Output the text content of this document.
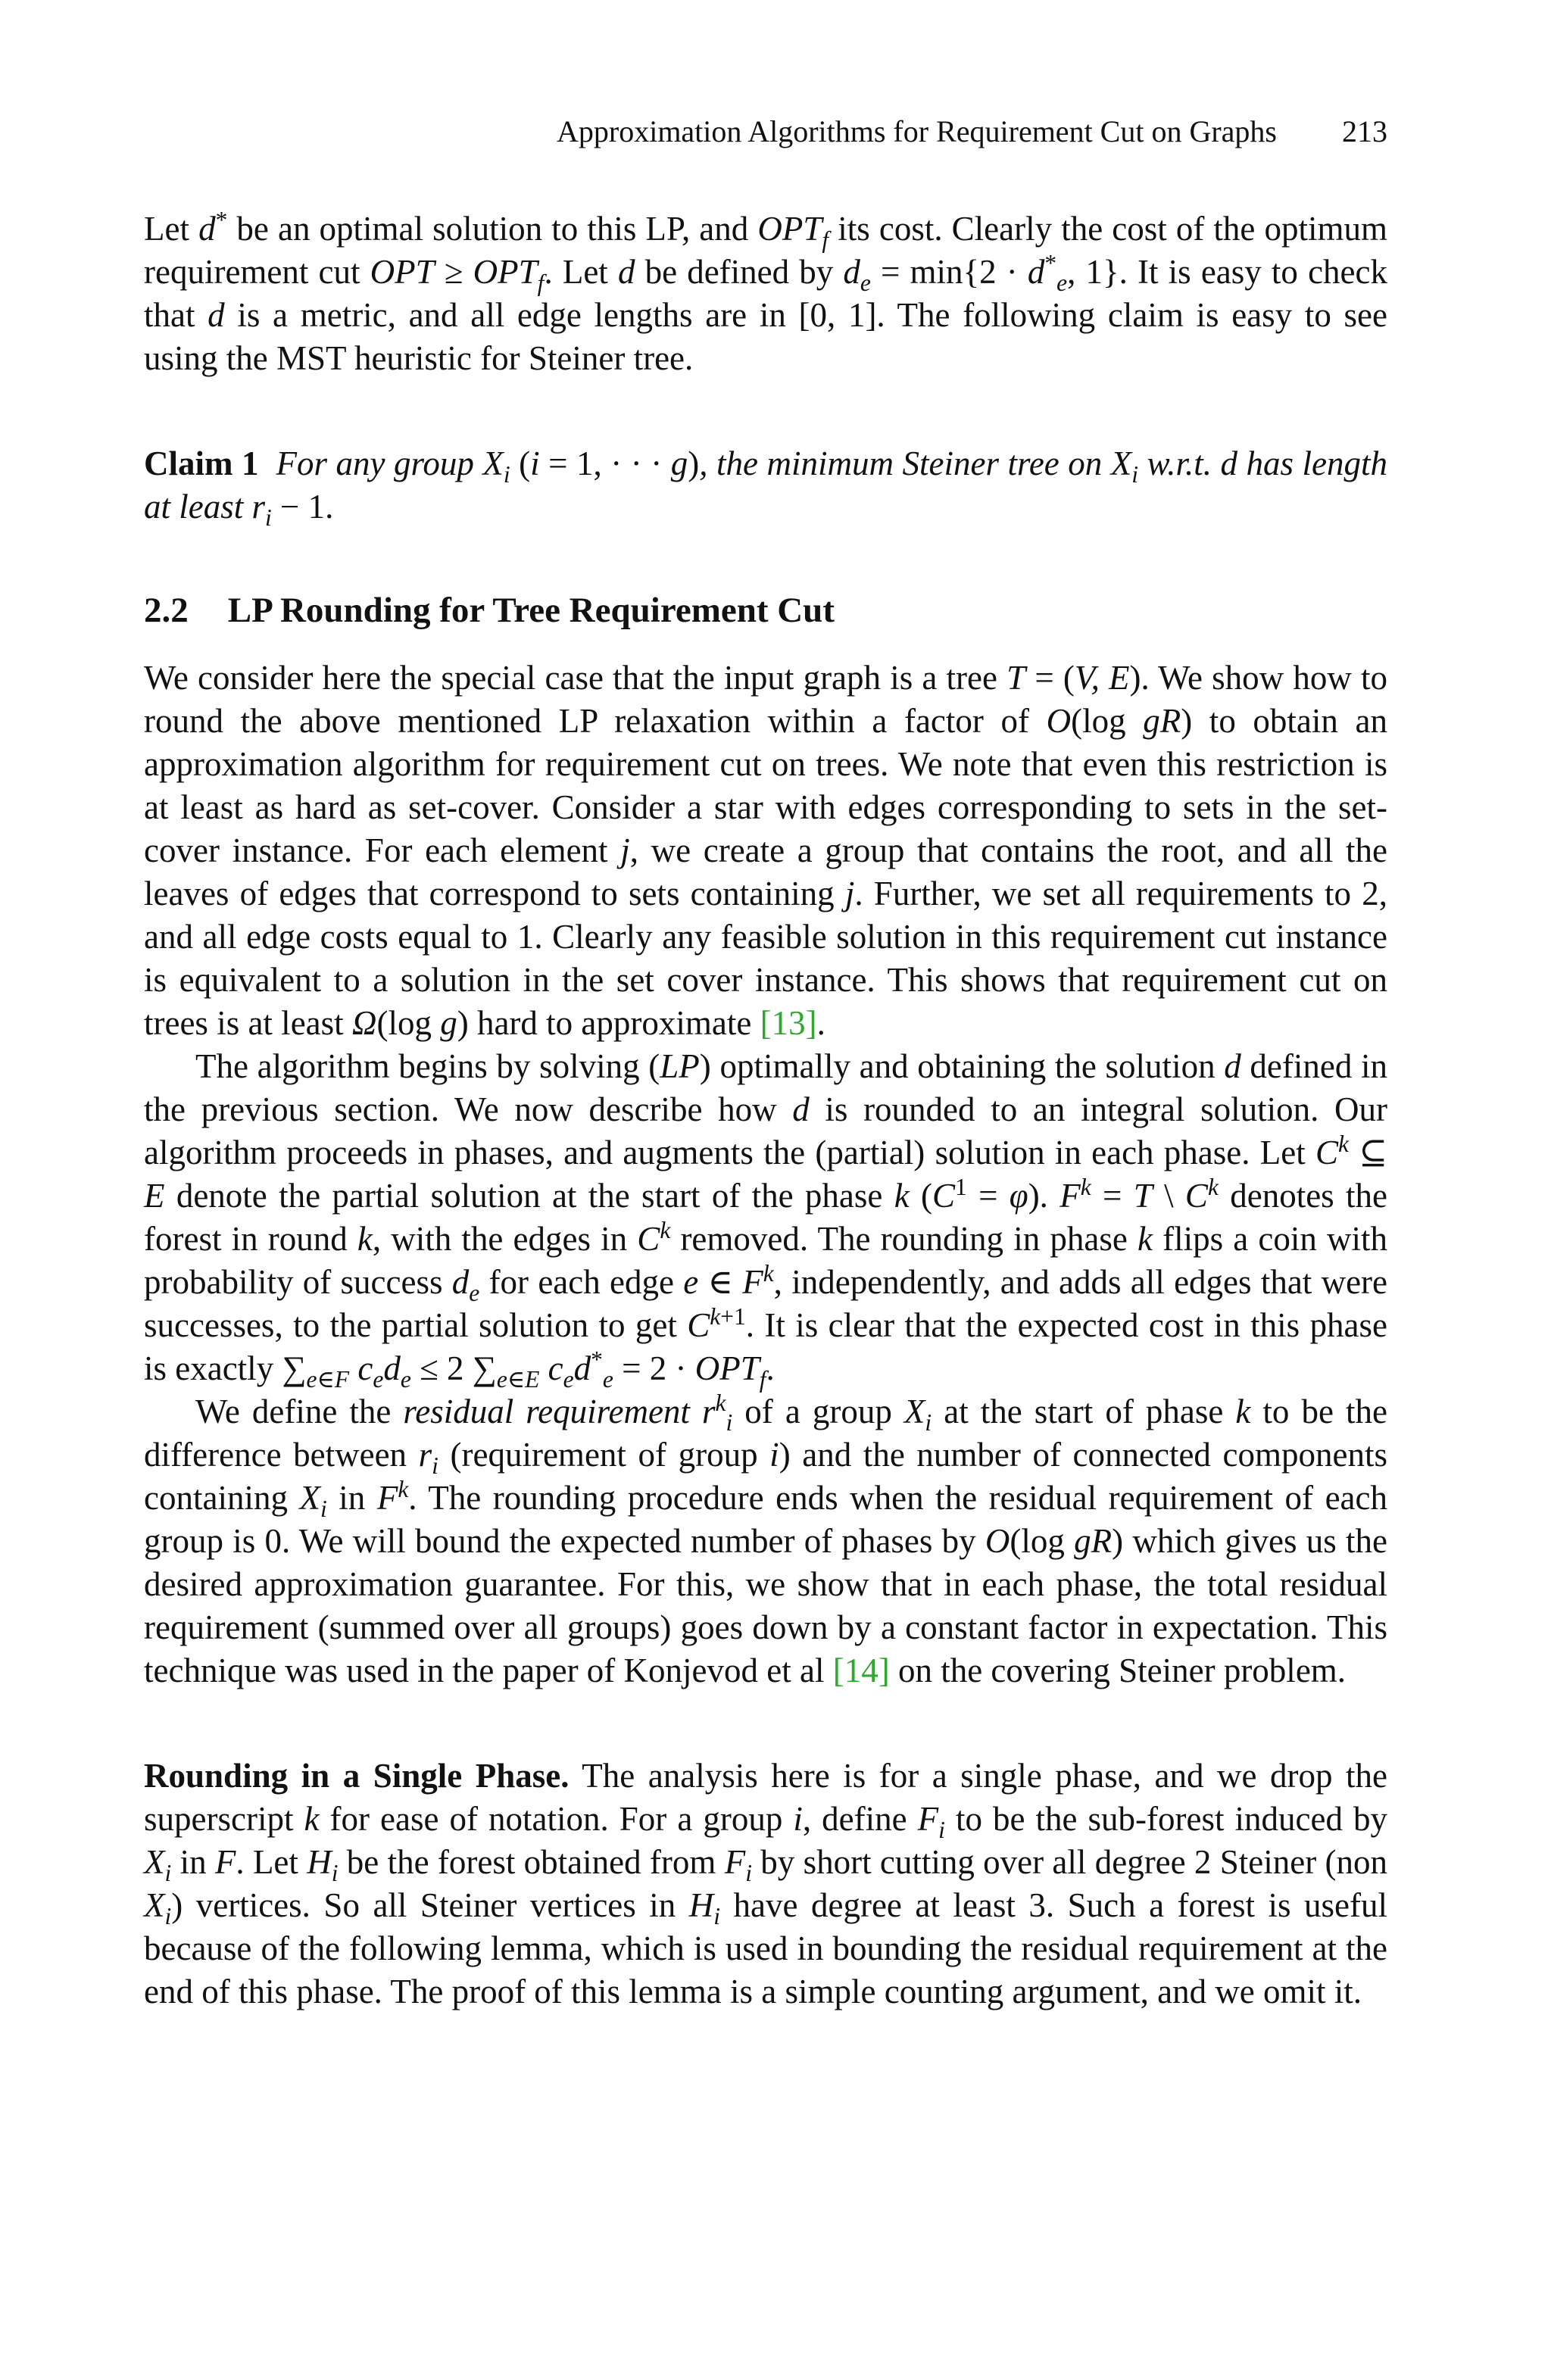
Approximation Algorithms for Requirement Cut on Graphs 213

Let d* be an optimal solution to this LP, and $OPT_f$ its cost. Clearly the cost of the optimum requirement cut OPT ≥ $OPT_f$. Let d be defined by $d_e = \min\{2 \cdot d^*_e$, 1}. It is easy to check that d is a metric, and all edge lengths are in [0, 1]. The following claim is easy to see using the MST heuristic for Steiner tree.

Claim 1 For any group $X_i$ (i = 1, · · · g), the minimum Steiner tree on $X_i$ w.r.t. d has length at least $r_i - 1$.

2.2 LP Rounding for Tree Requirement Cut

We consider here the special case that the input graph is a tree T = (V, E). We show how to round the above mentioned LP relaxation within a factor of O(log gR) to obtain an approximation algorithm for requirement cut on trees. We note that even this restriction is at least as hard as set-cover. Consider a star with edges corresponding to sets in the set-cover instance. For each element j, we create a group that contains the root, and all the leaves of edges that correspond to sets containing j. Further, we set all requirements to 2, and all edge costs equal to 1. Clearly any feasible solution in this requirement cut instance is equivalent to a solution in the set cover instance. This shows that requirement cut on trees is at least Ω(log g) hard to approximate [13].

The algorithm begins by solving (LP) optimally and obtaining the solution d defined in the previous section. We now describe how d is rounded to an integral solution. Our algorithm proceeds in phases, and augments the (partial) solution in each phase. Let $C^k$ ⊆ E denote the partial solution at the start of the phase k $(C^1 = \varphi)$. $F^k = T$ \ $C^k$ denotes the forest in round k, with the edges in $C^k$ removed. The rounding in phase k flips a coin with probability of success $d_e$ for each edge e ∈ $F^k$, independently, and adds all edges that were successes, to the partial solution to get $C^{k+1}$. It is clear that the expected cost in this phase is exactly $\sum_{e\in F}$ $c_ed_e \le 2$ $\sum_{e\in E}$ $c_ed^*_e = 2 \cdot OPT_f$.

We define the residual requirement $r^k_i$ of a group $X_i$ at the start of phase k to be the difference between $r_i$ (requirement of group i) and the number of connected components containing $X_i$ in $F^k$. The rounding procedure ends when the residual requirement of each group is 0. We will bound the expected number of phases by O(log gR) which gives us the desired approximation guarantee. For this, we show that in each phase, the total residual requirement (summed over all groups) goes down by a constant factor in expectation. This technique was used in the paper of Konjevod et al [14] on the covering Steiner problem.

Rounding in a Single Phase. The analysis here is for a single phase, and we drop the superscript k for ease of notation. For a group i, define $F_i$ to be the sub-forest induced by $X_i$ in F. Let $H_i$ be the forest obtained from $F_i$ by short cutting over all degree 2 Steiner (non $X_i$) vertices. So all Steiner vertices in $H_i$ have degree at least 3. Such a forest is useful because of the following lemma, which is used in bounding the residual requirement at the end of this phase. The proof of this lemma is a simple counting argument, and we omit it.
